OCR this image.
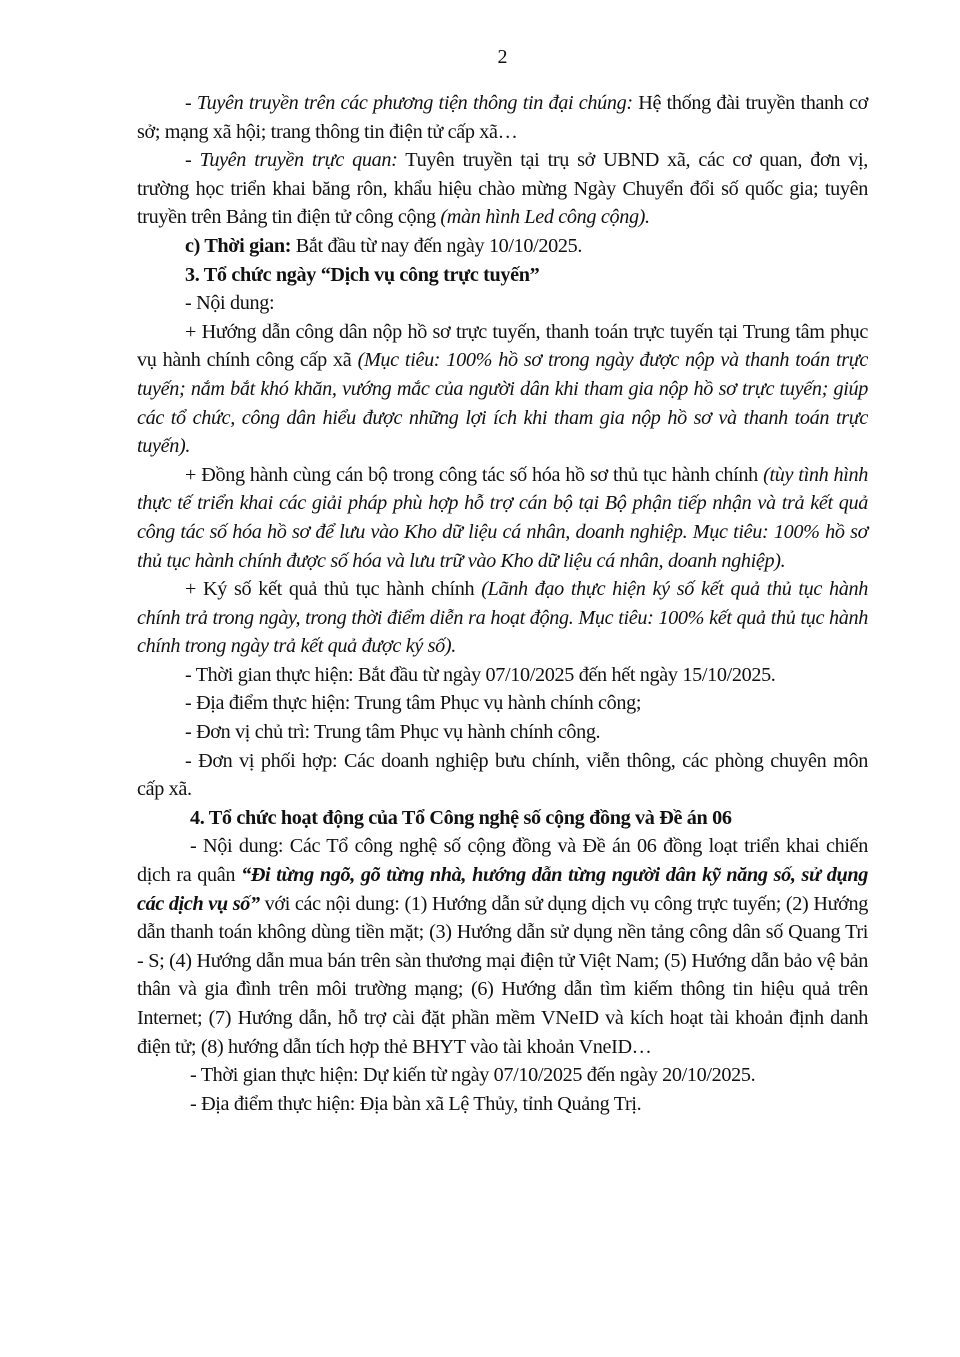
2

- Tuyên truyền trên các phương tiện thông tin đại chúng: Hệ thống đài truyền thanh cơ sở; mạng xã hội; trang thông tin điện tử cấp xã…

- Tuyên truyền trực quan: Tuyên truyền tại trụ sở UBND xã, các cơ quan, đơn vị, trường học triển khai băng rôn, khẩu hiệu chào mừng Ngày Chuyển đổi số quốc gia; tuyên truyền trên Bảng tin điện tử công cộng (màn hình Led công cộng).

c) Thời gian: Bắt đầu từ nay đến ngày 10/10/2025.

3. Tổ chức ngày “Dịch vụ công trực tuyến”

- Nội dung:

+ Hướng dẫn công dân nộp hồ sơ trực tuyến, thanh toán trực tuyến tại Trung tâm phục vụ hành chính công cấp xã (Mục tiêu: 100% hồ sơ trong ngày được nộp và thanh toán trực tuyến; nắm bắt khó khăn, vướng mắc của người dân khi tham gia nộp hồ sơ trực tuyến; giúp các tổ chức, công dân hiểu được những lợi ích khi tham gia nộp hồ sơ và thanh toán trực tuyến).

+ Đồng hành cùng cán bộ trong công tác số hóa hồ sơ thủ tục hành chính (tùy tình hình thực tế triển khai các giải pháp phù hợp hỗ trợ cán bộ tại Bộ phận tiếp nhận và trả kết quả công tác số hóa hồ sơ để lưu vào Kho dữ liệu cá nhân, doanh nghiệp. Mục tiêu: 100% hồ sơ thủ tục hành chính được số hóa và lưu trữ vào Kho dữ liệu cá nhân, doanh nghiệp).

+ Ký số kết quả thủ tục hành chính (Lãnh đạo thực hiện ký số kết quả thủ tục hành chính trả trong ngày, trong thời điểm diễn ra hoạt động. Mục tiêu: 100% kết quả thủ tục hành chính trong ngày trả kết quả được ký số).

- Thời gian thực hiện: Bắt đầu từ ngày 07/10/2025 đến hết ngày 15/10/2025.

- Địa điểm thực hiện: Trung tâm Phục vụ hành chính công;

- Đơn vị chủ trì: Trung tâm Phục vụ hành chính công.

- Đơn vị phối hợp: Các doanh nghiệp bưu chính, viễn thông, các phòng chuyên môn cấp xã.

4. Tổ chức hoạt động của Tổ Công nghệ số cộng đồng và Đề án 06

- Nội dung: Các Tổ công nghệ số cộng đồng và Đề án 06 đồng loạt triển khai chiến dịch ra quân “Đi từng ngõ, gõ từng nhà, hướng dẫn từng người dân kỹ năng số, sử dụng các dịch vụ số” với các nội dung: (1) Hướng dẫn sử dụng dịch vụ công trực tuyến; (2) Hướng dẫn thanh toán không dùng tiền mặt; (3) Hướng dẫn sử dụng nền tảng công dân số Quang Tri - S; (4) Hướng dẫn mua bán trên sàn thương mại điện tử Việt Nam; (5) Hướng dẫn bảo vệ bản thân và gia đình trên môi trường mạng; (6) Hướng dẫn tìm kiếm thông tin hiệu quả trên Internet; (7) Hướng dẫn, hỗ trợ cài đặt phần mềm VNeID và kích hoạt tài khoản định danh điện tử; (8) hướng dẫn tích hợp thẻ BHYT vào tài khoản VneID…

- Thời gian thực hiện: Dự kiến từ ngày 07/10/2025 đến ngày 20/10/2025.

- Địa điểm thực hiện: Địa bàn xã Lệ Thủy, tỉnh Quảng Trị.
